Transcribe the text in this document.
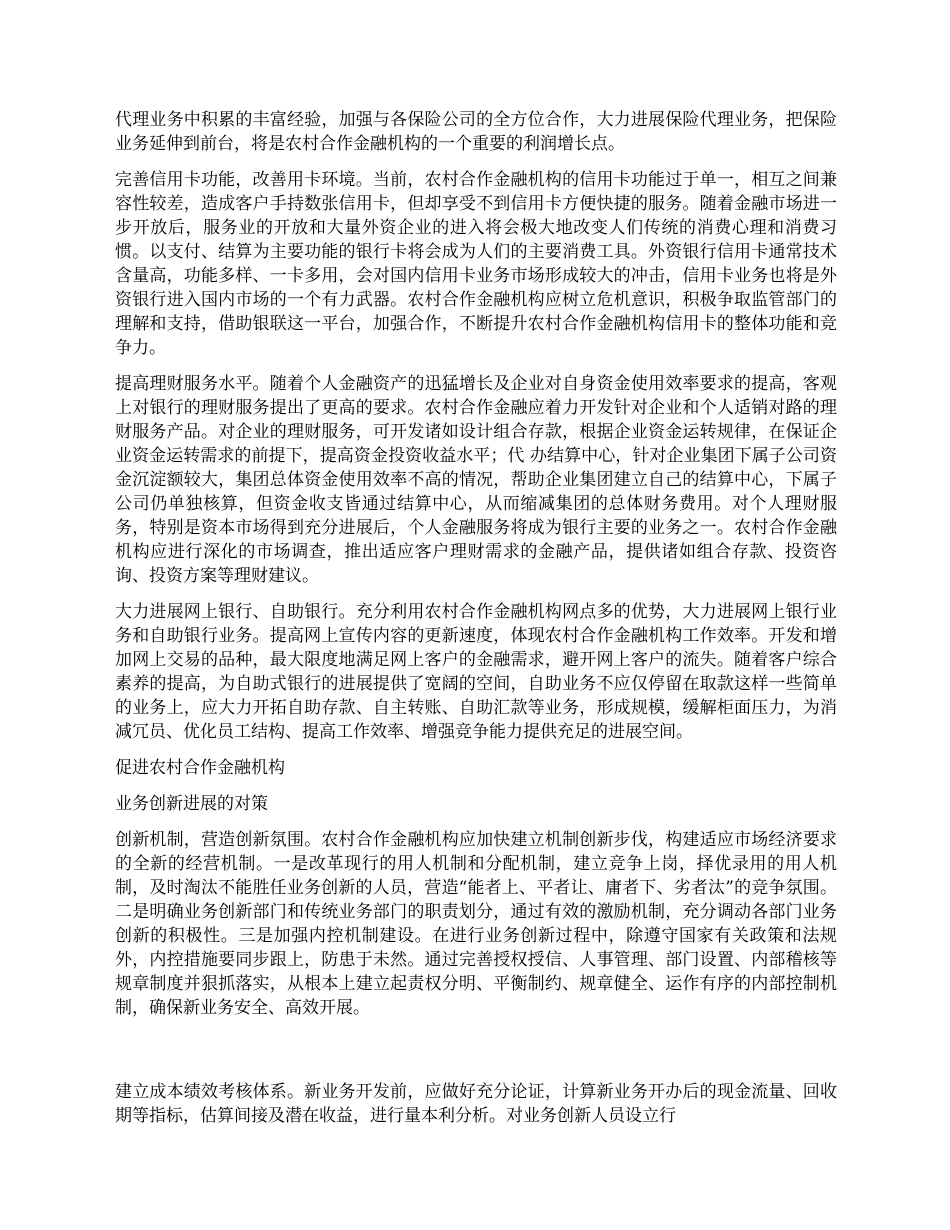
代理业务中积累的丰富经验，加强与各保险公司的全方位合作，大力进展保险代理业务，把保险业务延伸到前台，将是农村合作金融机构的一个重要的利润增长点。

完善信用卡功能，改善用卡环境。当前，农村合作金融机构的信用卡功能过于单一，相互之间兼容性较差，造成客户手持数张信用卡，但却享受不到信用卡方便快捷的服务。随着金融市场进一步开放后，服务业的开放和大量外资企业的进入将会极大地改变人们传统的消费心理和消费习惯。以支付、结算为主要功能的银行卡将会成为人们的主要消费工具。外资银行信用卡通常技术含量高，功能多样、一卡多用，会对国内信用卡业务市场形成较大的冲击，信用卡业务也将是外资银行进入国内市场的一个有力武器。农村合作金融机构应树立危机意识，积极争取监管部门的理解和支持，借助银联这一平台，加强合作，不断提升农村合作金融机构信用卡的整体功能和竞争力。

提高理财服务水平。随着个人金融资产的迅猛增长及企业对自身资金使用效率要求的提高，客观上对银行的理财服务提出了更高的要求。农村合作金融应着力开发针对企业和个人适销对路的理财服务产品。对企业的理财服务，可开发诸如设计组合存款，根据企业资金运转规律，在保证企业资金运转需求的前提下，提高资金投资收益水平；代 办结算中心，针对企业集团下属子公司资金沉淀额较大，集团总体资金使用效率不高的情况，帮助企业集团建立自己的结算中心，下属子公司仍单独核算，但资金收支皆通过结算中心，从而缩减集团的总体财务费用。对个人理财服务，特别是资本市场得到充分进展后，个人金融服务将成为银行主要的业务之一。农村合作金融机构应进行深化的市场调查，推出适应客户理财需求的金融产品，提供诸如组合存款、投资咨询、投资方案等理财建议。

大力进展网上银行、自助银行。充分利用农村合作金融机构网点多的优势，大力进展网上银行业务和自助银行业务。提高网上宣传内容的更新速度，体现农村合作金融机构工作效率。开发和增加网上交易的品种，最大限度地满足网上客户的金融需求，避开网上客户的流失。随着客户综合素养的提高，为自助式银行的进展提供了宽阔的空间，自助业务不应仅停留在取款这样一些简单的业务上，应大力开拓自助存款、自主转账、自助汇款等业务，形成规模，缓解柜面压力，为消减冗员、优化员工结构、提高工作效率、增强竞争能力提供充足的进展空间。

促进农村合作金融机构

业务创新进展的对策

创新机制，营造创新氛围。农村合作金融机构应加快建立机制创新步伐，构建适应市场经济要求的全新的经营机制。一是改革现行的用人机制和分配机制，建立竞争上岗，择优录用的用人机制，及时淘汰不能胜任业务创新的人员，营造“能者上、平者让、庸者下、劣者汰”的竞争氛围。二是明确业务创新部门和传统业务部门的职责划分，通过有效的激励机制，充分调动各部门业务创新的积极性。三是加强内控机制建设。在进行业务创新过程中，除遵守国家有关政策和法规外，内控措施要同步跟上，防患于未然。通过完善授权授信、人事管理、部门设置、内部稽核等规章制度并狠抓落实，从根本上建立起责权分明、平衡制约、规章健全、运作有序的内部控制机制，确保新业务安全、高效开展。

建立成本绩效考核体系。新业务开发前，应做好充分论证，计算新业务开办后的现金流量、回收期等指标，估算间接及潜在收益，进行量本利分析。对业务创新人员设立行
